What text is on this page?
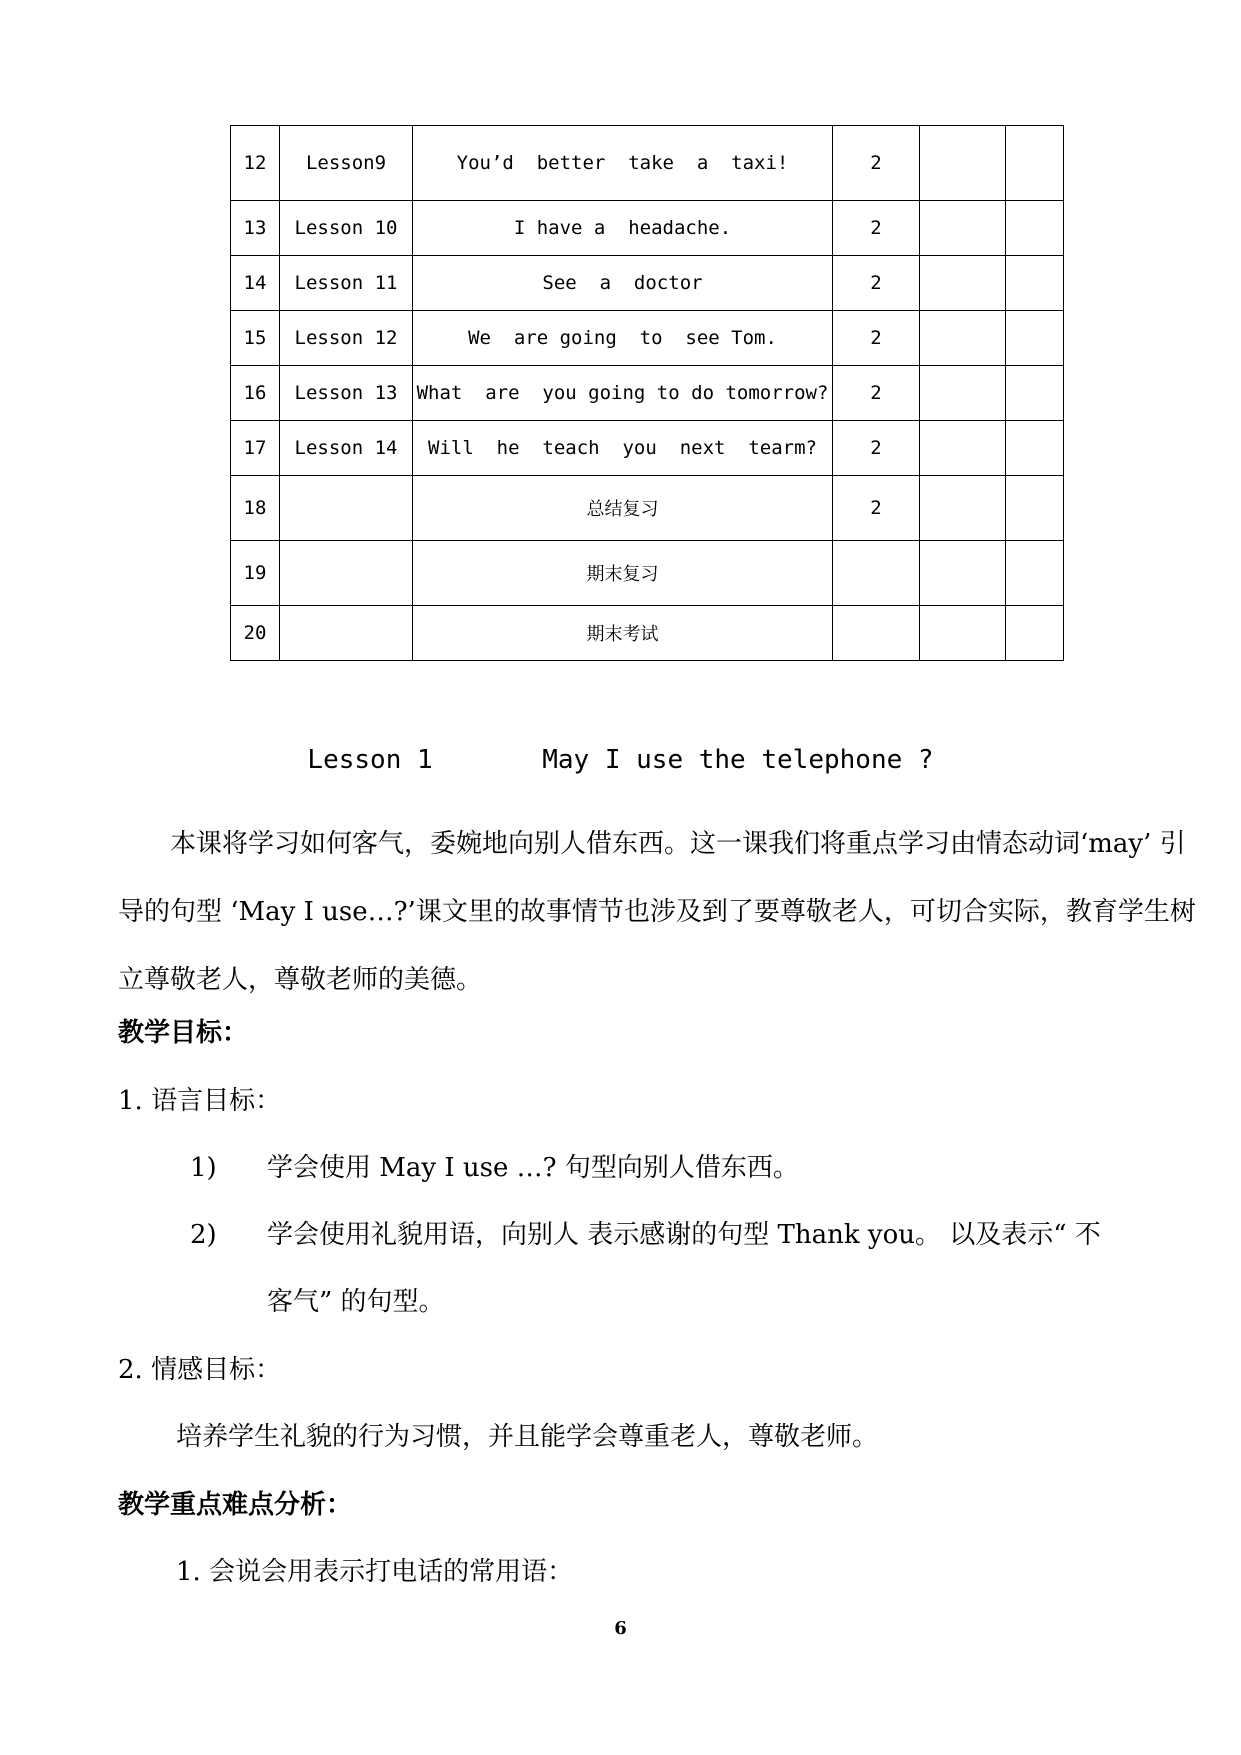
12	Lesson9	You’d  better  take  a  taxi!	2		
13	Lesson 10	I have a  headache.	2		
14	Lesson 11	See  a  doctor	2		
15	Lesson 12	We  are going  to  see Tom.	2		
16	Lesson 13	What  are  you going to do tomorrow?	2		
17	Lesson 14	Will  he  teach  you  next  tearm?	2		
18		总结复习	2		
19		期末复习			
20		期末考试			
Lesson 1       May I use the telephone ?

本课将学习如何客气，委婉地向别人借东西。这一课我们将重点学习由情态动词‘may’ 引导的句型 ‘May I use…?’课文里的故事情节也涉及到了要尊敬老人，可切合实际，教育学生树立尊敬老人，尊敬老师的美德。

教学目标：
1. 语言目标：
1) 学会使用 May I use …? 句型向别人借东西。
2) 学会使用礼貌用语，向别人 表示感谢的句型 Thank you。 以及表示“ 不
客气” 的句型。
2. 情感目标：
培养学生礼貌的行为习惯，并且能学会尊重老人，尊敬老师。
教学重点难点分析：
1. 会说会用表示打电话的常用语：
6
